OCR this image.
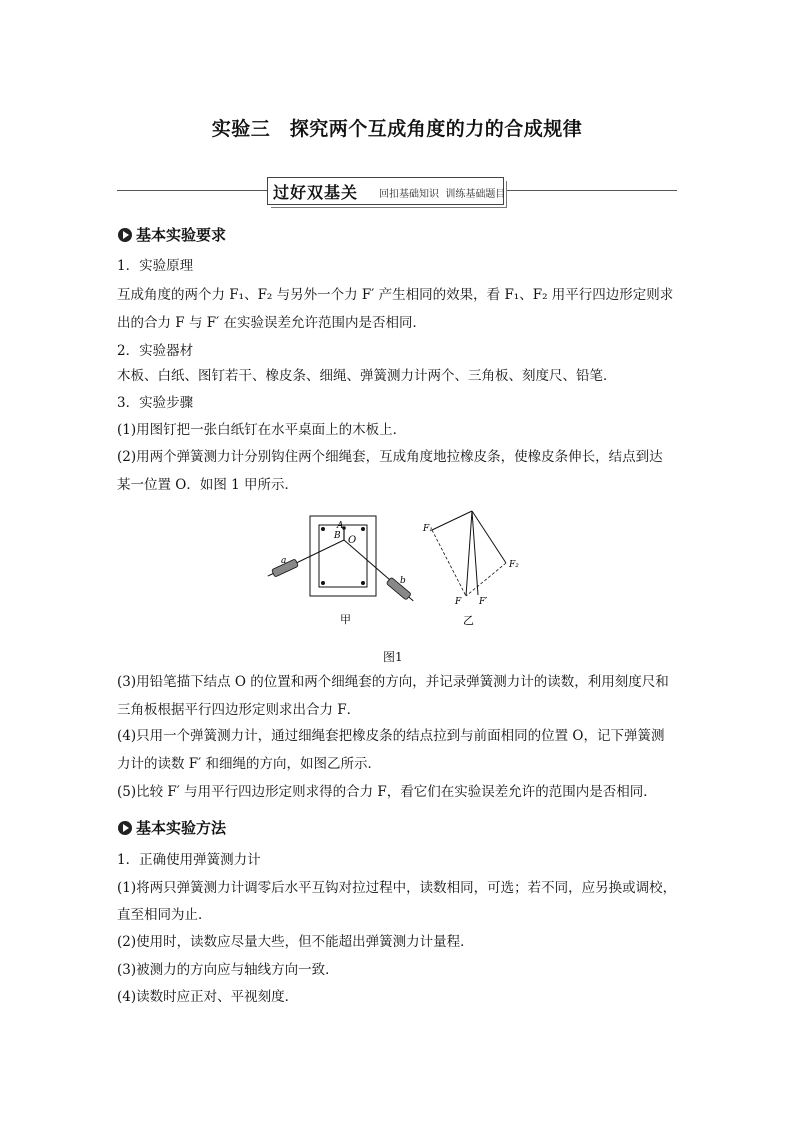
实验三　探究两个互成角度的力的合成规律
过好双基关 回扣基础知识  训练基础题目
基本实验要求
1．实验原理
互成角度的两个力 F₁、F₂ 与另外一个力 F′ 产生相同的效果，看 F₁、F₂ 用平行四边形定则求
出的合力 F 与 F′ 在实验误差允许范围内是否相同．
2．实验器材
木板、白纸、图钉若干、橡皮条、细绳、弹簧测力计两个、三角板、刻度尺、铅笔．
3．实验步骤
(1)用图钉把一张白纸钉在水平桌面上的木板上．
(2)用两个弹簧测力计分别钩住两个细绳套，互成角度地拉橡皮条，使橡皮条伸长，结点到达
某一位置 O．如图 1 甲所示．
A
B O
a
b
甲
F₁
F₂
F F′
乙
图1
(3)用铅笔描下结点 O 的位置和两个细绳套的方向，并记录弹簧测力计的读数，利用刻度尺和
三角板根据平行四边形定则求出合力 F．
(4)只用一个弹簧测力计，通过细绳套把橡皮条的结点拉到与前面相同的位置 O，记下弹簧测
力计的读数 F′ 和细绳的方向，如图乙所示．
(5)比较 F′ 与用平行四边形定则求得的合力 F，看它们在实验误差允许的范围内是否相同．
基本实验方法
1．正确使用弹簧测力计
(1)将两只弹簧测力计调零后水平互钩对拉过程中，读数相同，可选；若不同，应另换或调校，
直至相同为止．
(2)使用时，读数应尽量大些，但不能超出弹簧测力计量程．
(3)被测力的方向应与轴线方向一致．
(4)读数时应正对、平视刻度．
